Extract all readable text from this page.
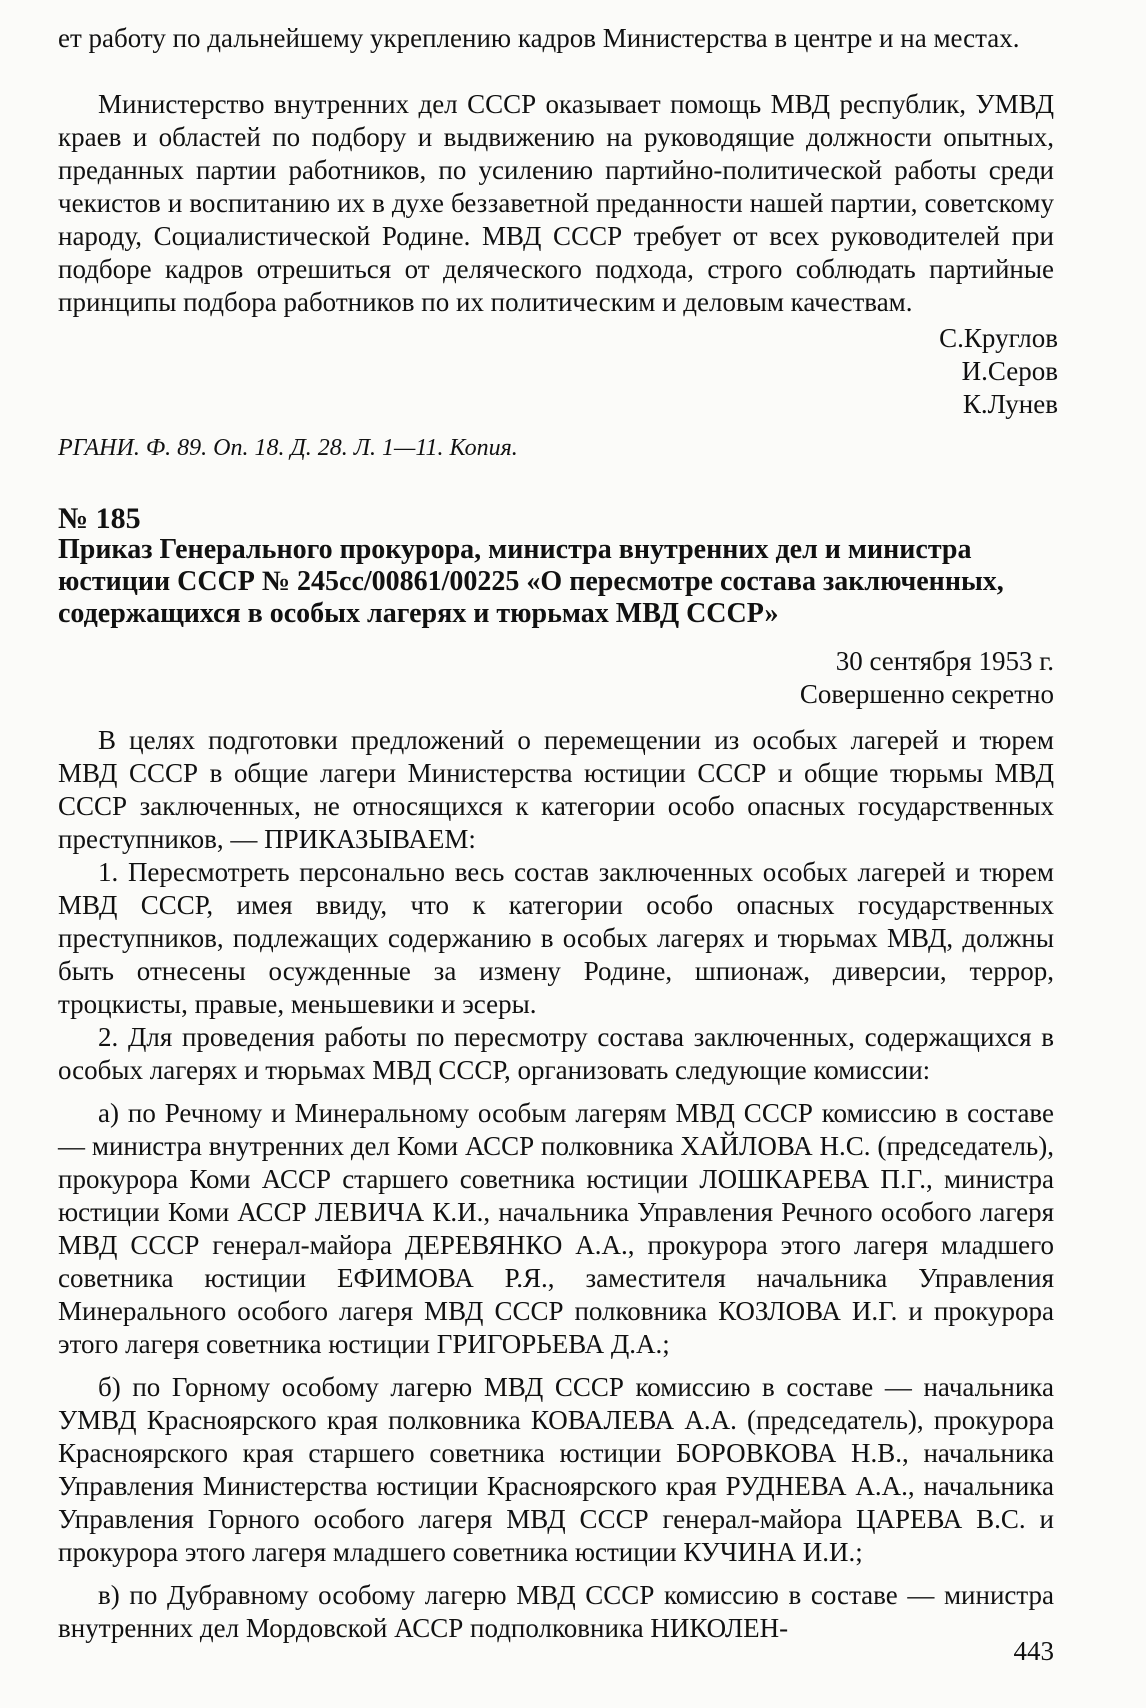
ет работу по дальнейшему укреплению кадров Министерства в центре и на местах.

Министерство внутренних дел СССР оказывает помощь МВД республик, УМВД краев и областей по подбору и выдвижению на руководящие должности опытных, преданных партии работников, по усилению партийно-политической работы среди чекистов и воспитанию их в духе беззаветной преданности нашей партии, советскому народу, Социалистической Родине. МВД СССР требует от всех руководителей при подборе кадров отрешиться от деляческого подхода, строго соблюдать партийные принципы подбора работников по их политическим и деловым качествам.

С.Круглов
И.Серов
К.Лунев
РГАНИ. Ф. 89. Оп. 18. Д. 28. Л. 1—11. Копия.
№ 185
Приказ Генерального прокурора, министра внутренних дел и министра юстиции СССР № 245сс/00861/00225 «О пересмотре состава заключенных, содержащихся в особых лагерях и тюрьмах МВД СССР»
30 сентября 1953 г.
Совершенно секретно

В целях подготовки предложений о перемещении из особых лагерей и тюрем МВД СССР в общие лагери Министерства юстиции СССР и общие тюрьмы МВД СССР заключенных, не относящихся к категории особо опасных государственных преступников, — ПРИКАЗЫВАЕМ:

1. Пересмотреть персонально весь состав заключенных особых лагерей и тюрем МВД СССР, имея ввиду, что к категории особо опасных государственных преступников, подлежащих содержанию в особых лагерях и тюрьмах МВД, должны быть отнесены осужденные за измену Родине, шпионаж, диверсии, террор, троцкисты, правые, меньшевики и эсеры.

2. Для проведения работы по пересмотру состава заключенных, содержащихся в особых лагерях и тюрьмах МВД СССР, организовать следующие комиссии:

а) по Речному и Минеральному особым лагерям МВД СССР комиссию в составе — министра внутренних дел Коми АССР полковника ХАЙЛОВА Н.С. (председатель), прокурора Коми АССР старшего советника юстиции ЛОШКАРЕВА П.Г., министра юстиции Коми АССР ЛЕВИЧА К.И., начальника Управления Речного особого лагеря МВД СССР генерал-майора ДЕРЕВЯНКО А.А., прокурора этого лагеря младшего советника юстиции ЕФИМОВА Р.Я., заместителя начальника Управления Минерального особого лагеря МВД СССР полковника КОЗЛОВА И.Г. и прокурора этого лагеря советника юстиции ГРИГОРЬЕВА Д.А.;

б) по Горному особому лагерю МВД СССР комиссию в составе — начальника УМВД Красноярского края полковника КОВАЛЕВА А.А. (председатель), прокурора Красноярского края старшего советника юстиции БОРОВКОВА Н.В., начальника Управления Министерства юстиции Красноярского края РУДНЕВА А.А., начальника Управления Горного особого лагеря МВД СССР генерал-майора ЦАРЕВА В.С. и прокурора этого лагеря младшего советника юстиции КУЧИНА И.И.;

в) по Дубравному особому лагерю МВД СССР комиссию в составе — министра внутренних дел Мордовской АССР подполковника НИКОЛЕН-

443
